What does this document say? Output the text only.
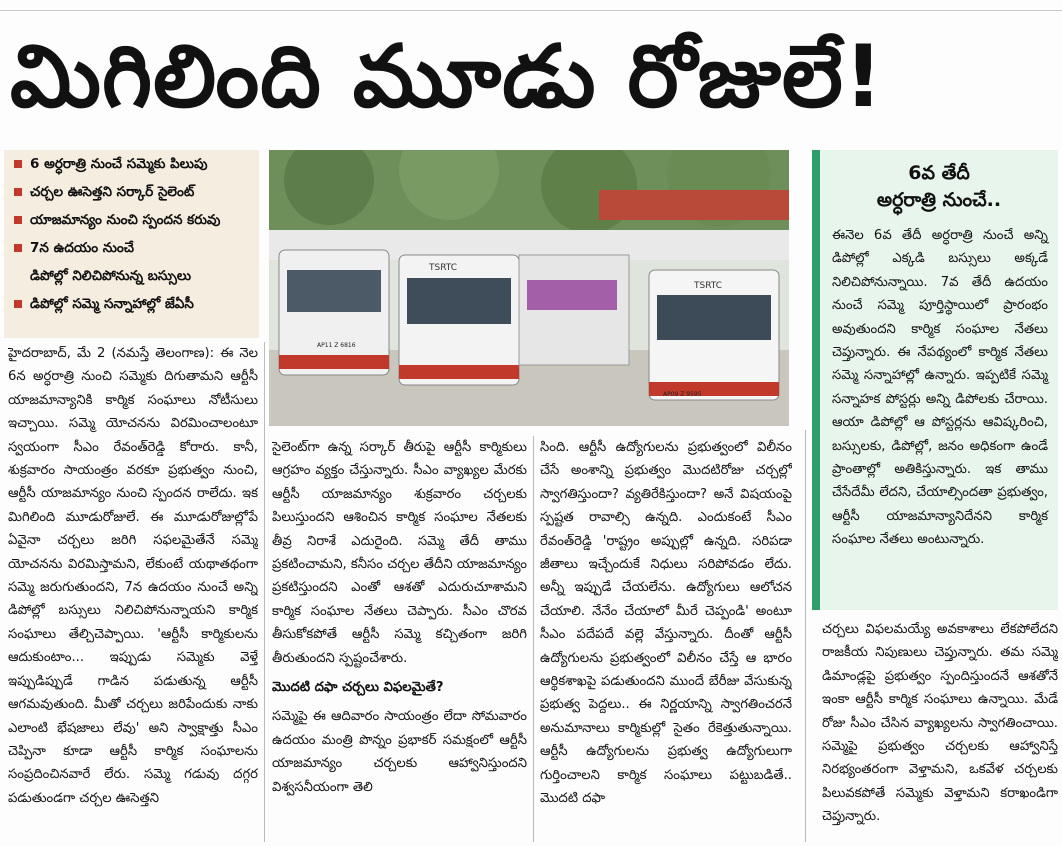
మిగిలింది మూడు రోజులే!
6 అర్ధరాత్రి నుంచే సమ్మెకు పిలుపు
చర్చల ఊసెత్తని సర్కార్ సైలెంట్
యాజమాన్యం నుంచి స్పందన కరువు
7న ఉదయం నుంచే
డిపోల్లో నిలిచిపోనున్న బస్సులు
డిపోల్లో సమ్మె సన్నాహాల్లో జేఏసీ
TSRTC
TSRTC
AP11 Z 6816
AP09 Z 9595

హైదరాబాద్, మే 2 (నమస్తే తెలంగాణ): ఈ నెల 6న అర్ధరాత్రి నుంచి సమ్మెకు దిగుతామని ఆర్టీసీ యాజమాన్యానికి కార్మిక సంఘాలు నోటీసులు ఇచ్చాయి. సమ్మె యోచనను విరమించాలంటూ స్వయంగా సీఎం రేవంత్‌రెడ్డి కోరారు. కానీ, శుక్రవారం సాయంత్రం వరకూ ప్రభుత్వం నుంచి, ఆర్టీసీ యాజమాన్యం నుంచి స్పందన రాలేదు. ఇక మిగిలింది మూడురోజులే. ఈ మూడురోజుల్లోపే ఏవైనా చర్చలు జరిగి సఫలమైతేనే సమ్మె యోచనను విరమిస్తామని, లేకుంటే యథాతథంగా సమ్మె జరుగుతుందని, 7న ఉదయం నుంచే అన్ని డిపోల్లో బస్సులు నిలిచిపోనున్నాయని కార్మిక సంఘాలు తేల్చిచెప్పాయి. 'ఆర్టీసీ కార్మికులను ఆదుకుంటాం... ఇప్పుడు సమ్మెకు వెళ్తే ఇప్పుడిప్పుడే గాడిన పడుతున్న ఆర్టీసీ ఆగమవుతుంది. మీతో చర్చలు జరిపేందుకు నాకు ఎలాంటి భేషజాలు లేవు' అని స్వాక్షాత్తు సీఎం చెప్పినా కూడా ఆర్టీసీ కార్మిక సంఘాలను సంప్రదించినవారే లేరు. సమ్మె గడువు దగ్గర పడుతుండగా చర్చల ఊసెత్తని

సైలెంట్‌గా ఉన్న సర్కార్ తీరుపై ఆర్టీసీ కార్మికులు ఆగ్రహం వ్యక్తం చేస్తున్నారు. సీఎం వ్యాఖ్యల మేరకు ఆర్టీసీ యాజమాన్యం శుక్రవారం చర్చలకు పిలుస్తుందని ఆశించిన కార్మిక సంఘాల నేతలకు తీవ్ర నిరాశే ఎదురైంది. సమ్మె తేదీ తాము ప్రకటించామని, కనీసం చర్చల తేదీని యాజమాన్యం ప్రకటిస్తుందని ఎంతో ఆశతో ఎదురుచూశామని కార్మిక సంఘాల నేతలు చెప్పారు. సీఎం చొరవ తీసుకోకపోతే ఆర్టీసీ సమ్మె కచ్చితంగా జరిగి తీరుతుందని స్పష్టంచేశారు.

మొదటి దఫా చర్చలు విఫలమైతే?

సమ్మెపై ఈ ఆదివారం సాయంత్రం లేదా సోమవారం ఉదయం మంత్రి పొన్నం ప్రభాకర్ సమక్షంలో ఆర్టీసీ యాజమాన్యం చర్చలకు ఆహ్వానిస్తుందని విశ్వసనీయంగా తెలి

సింది. ఆర్టీసీ ఉద్యోగులను ప్రభుత్వంలో విలీనం చేసే అంశాన్ని ప్రభుత్వం మొదటిరోజు చర్చల్లో స్వాగతిస్తుందా? వ్యతిరేకిస్తుందా? అనే విషయంపై స్పష్టత రావాల్సి ఉన్నది. ఎందుకంటే సీఎం రేవంత్‌రెడ్డి 'రాష్ట్రం అప్పుల్లో ఉన్నది. సరిపడా జీతాలు ఇచ్చేందుకే నిధులు సరిపోవడం లేదు. అన్నీ ఇప్పుడే చేయలేను. ఉద్యోగులు ఆలోచన చేయాలి. నేనేం చేయాలో మీరే చెప్పండి' అంటూ సీఎం పదేపదే వల్లె వేస్తున్నారు. దీంతో ఆర్టీసీ ఉద్యోగులను ప్రభుత్వంలో విలీనం చేస్తే ఆ భారం ఆర్థికశాఖపై పడుతుందని ముందే బేరీజు వేసుకున్న ప్రభుత్వ పెద్దలు.. ఈ నిర్ణయాన్ని స్వాగతించరనే అనుమానాలు కార్మికుల్లో సైతం రేకెత్తుతున్నాయి. ఆర్టీసీ ఉద్యోగులను ప్రభుత్వ ఉద్యోగులుగా గుర్తించాలని కార్మిక సంఘాలు పట్టుబడితే.. మొదటి దఫా

6వ తేదీ
అర్ధరాత్రి నుంచే..
ఈనెల 6వ తేదీ అర్ధరాత్రి నుంచే అన్ని డిపోల్లో ఎక్కడి బస్సులు అక్కడే నిలిచిపోనున్నాయి. 7వ తేదీ ఉదయం నుంచే సమ్మె పూర్తిస్థాయిలో ప్రారంభం అవుతుందని కార్మిక సంఘాల నేతలు చెప్తున్నారు. ఈ నేపథ్యంలో కార్మిక నేతలు సమ్మె సన్నాహాల్లో ఉన్నారు. ఇప్పటికే సమ్మె సన్నాహక పోస్టర్లు అన్ని డిపోలకు చేరాయి. ఆయా డిపోల్లో ఆ పోస్టర్లను ఆవిష్కరించి, బస్సులకు, డిపోల్లో, జనం అధికంగా ఉండే ప్రాంతాల్లో అతికిస్తున్నారు. ఇక తాము చేసేదేమీ లేదని, చేయాల్సిందతా ప్రభుత్వం, ఆర్టీసీ యాజమాన్యానిదేనని కార్మిక సంఘాల నేతలు అంటున్నారు.

చర్చలు విఫలమయ్యే అవకాశాలు లేకపోలేదని రాజకీయ నిపుణులు చెప్తున్నారు. తమ సమ్మె డిమాండ్లపై ప్రభుత్వం స్పందిస్తుందనే ఆశతోనే ఇంకా ఆర్టీసీ కార్మిక సంఘాలు ఉన్నాయి. మేడే రోజు సీఎం చేసిన వ్యాఖ్యలను స్వాగతించాయి. సమ్మెపై ప్రభుత్వం చర్చలకు ఆహ్వానిస్తే నిరభ్యంతరంగా వెళ్తామని, ఒకవేళ చర్చలకు పిలువకపోతే సమ్మెకు వెళ్తామని కరాఖండిగా చెప్తున్నారు.
